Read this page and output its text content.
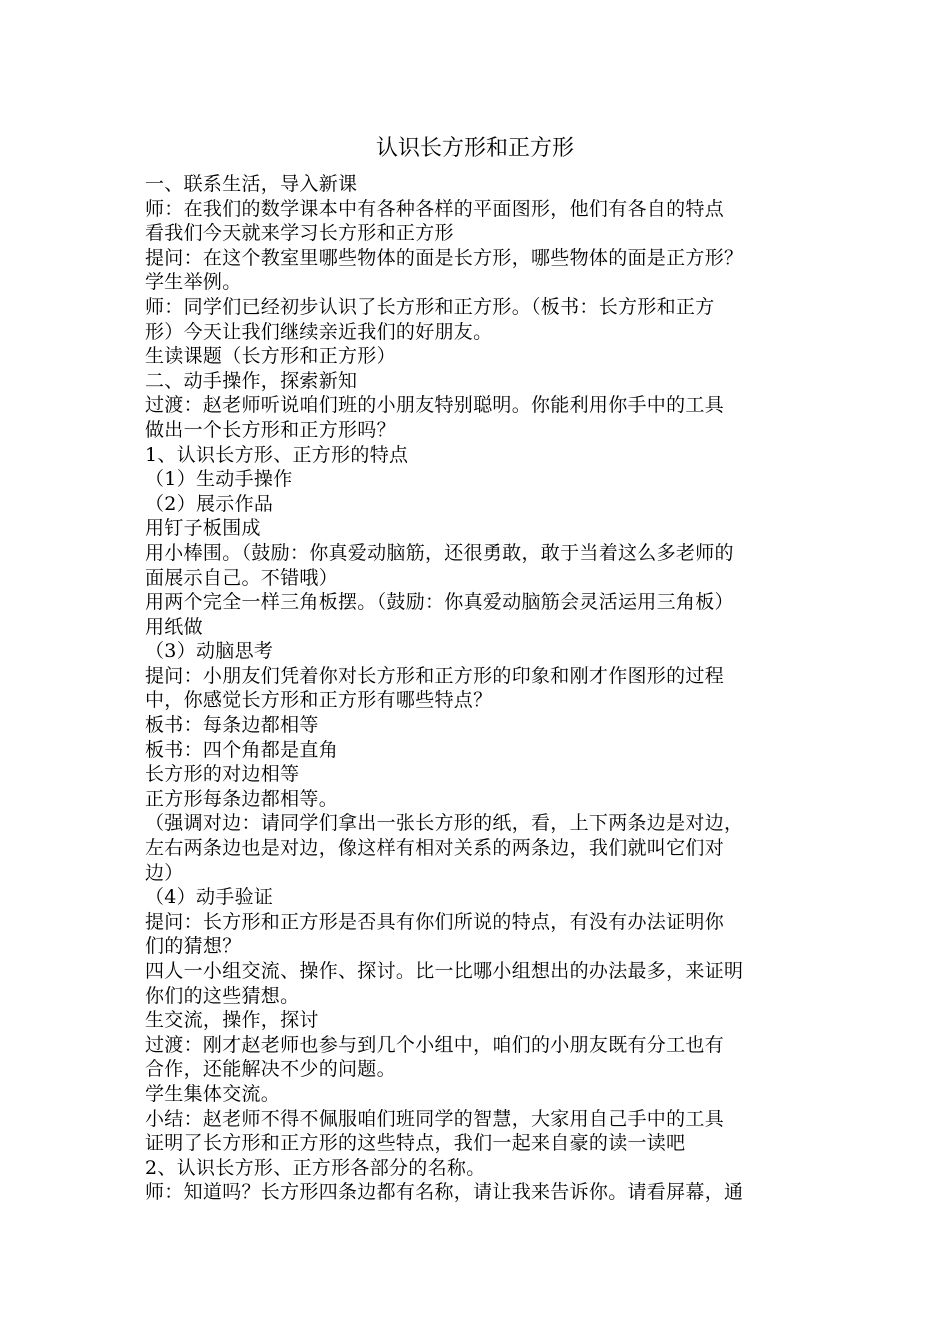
认识长方形和正方形

一、联系生活，导入新课

师：在我们的数学课本中有各种各样的平面图形，他们有各自的特点

看我们今天就来学习长方形和正方形

提问：在这个教室里哪些物体的面是长方形，哪些物体的面是正方形？

学生举例。

师：同学们已经初步认识了长方形和正方形。（板书：长方形和正方

形）今天让我们继续亲近我们的好朋友。

生读课题（长方形和正方形）

二、动手操作，探索新知

过渡：赵老师听说咱们班的小朋友特别聪明。你能利用你手中的工具

做出一个长方形和正方形吗？

1、认识长方形、正方形的特点

（1）生动手操作

（2）展示作品

用钉子板围成

用小棒围。（鼓励：你真爱动脑筋，还很勇敢，敢于当着这么多老师的

面展示自己。不错哦）

用两个完全一样三角板摆。（鼓励：你真爱动脑筋会灵活运用三角板）

用纸做

（3）动脑思考

提问：小朋友们凭着你对长方形和正方形的印象和刚才作图形的过程

中，你感觉长方形和正方形有哪些特点？

板书：每条边都相等

板书：四个角都是直角

长方形的对边相等

正方形每条边都相等。

（强调对边：请同学们拿出一张长方形的纸，看，上下两条边是对边，

左右两条边也是对边，像这样有相对关系的两条边，我们就叫它们对

边）

（4）动手验证

提问：长方形和正方形是否具有你们所说的特点，有没有办法证明你

们的猜想？

四人一小组交流、操作、探讨。比一比哪小组想出的办法最多，来证明

你们的这些猜想。

生交流，操作，探讨

过渡：刚才赵老师也参与到几个小组中，咱们的小朋友既有分工也有

合作，还能解决不少的问题。

学生集体交流。

小结：赵老师不得不佩服咱们班同学的智慧，大家用自己手中的工具

证明了长方形和正方形的这些特点，我们一起来自豪的读一读吧

2、认识长方形、正方形各部分的名称。

师：知道吗？长方形四条边都有名称，请让我来告诉你。请看屏幕，通
